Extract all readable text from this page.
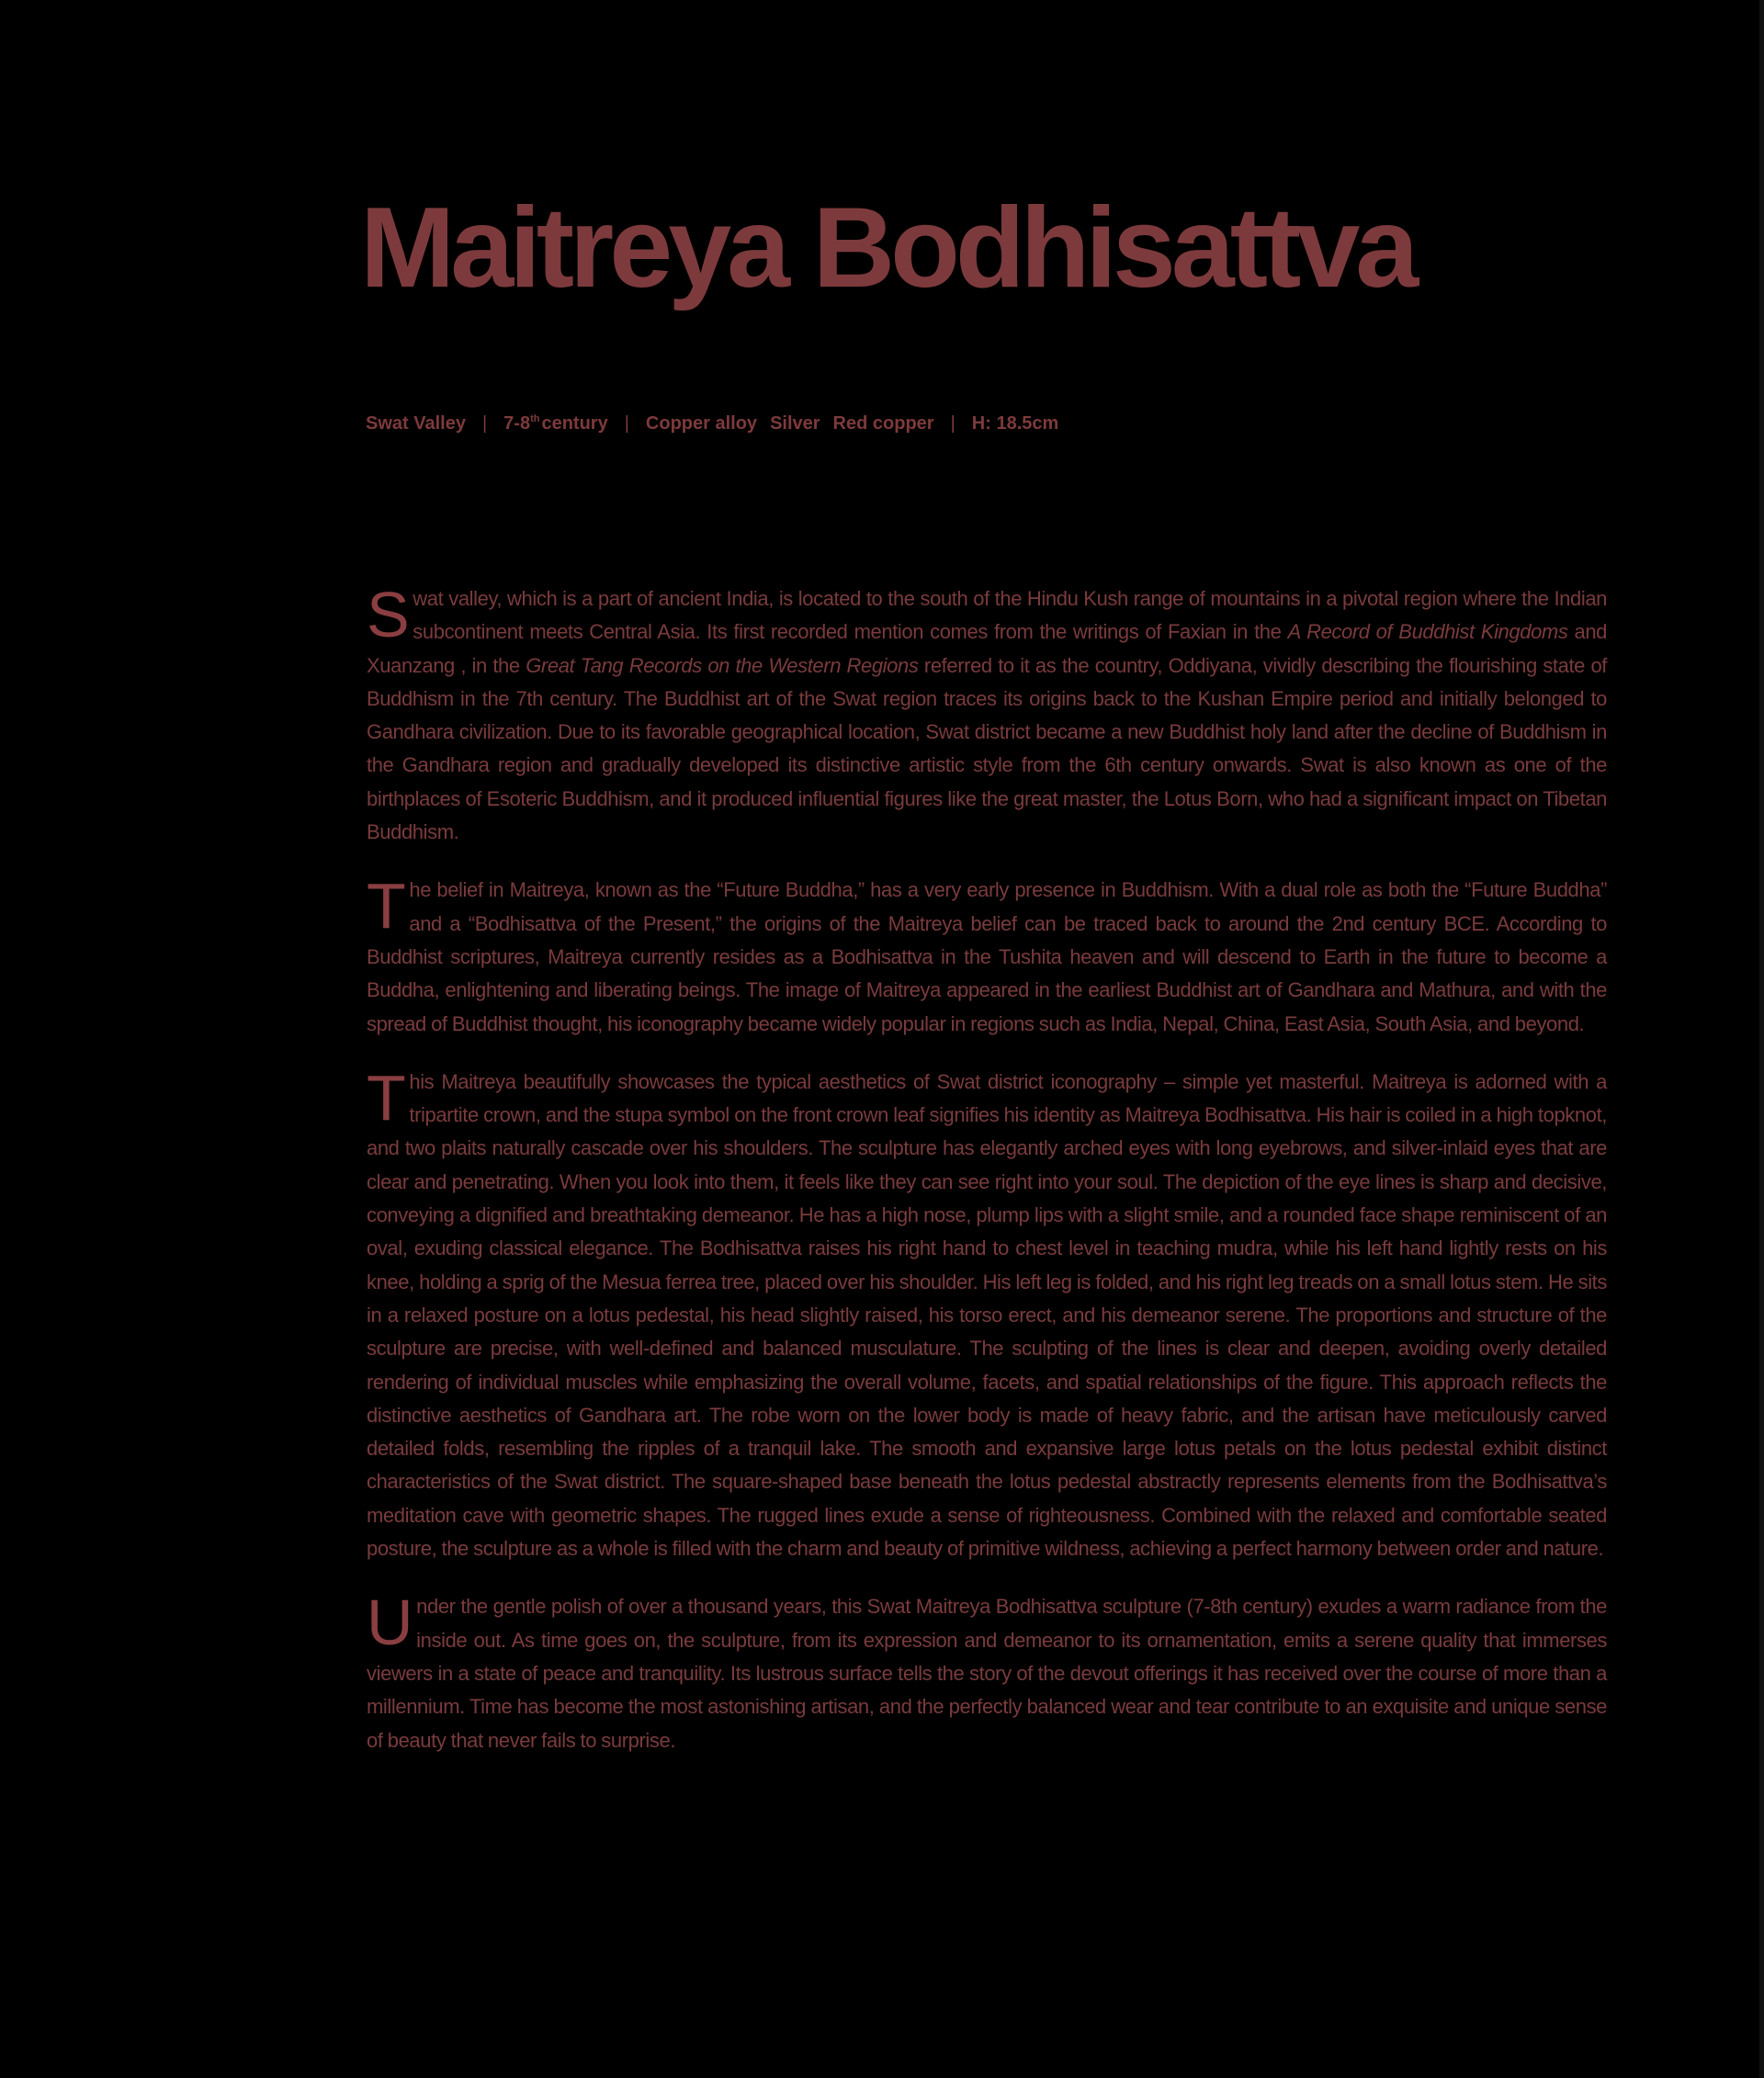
Maitreya Bodhisattva
Swat Valley | 7-8th century | Copper alloy Silver Red copper | H: 18.5cm

Swat valley, which is a part of ancient India, is located to the south of the Hindu Kush range of mountains in a pivotal region where the Indian subcontinent meets Central Asia. Its first recorded mention comes from the writings of Faxian in the A Record of Buddhist Kingdoms and Xuanzang , in the Great Tang Records on the Western Regions referred to it as the country, Oddiyana, vividly describing the flourishing state of Buddhism in the 7th century. The Buddhist art of the Swat region traces its origins back to the Kushan Empire period and initially belonged to Gandhara civilization. Due to its favorable geographical location, Swat district became a new Buddhist holy land after the decline of Buddhism in the Gandhara region and gradually developed its distinctive artistic style from the 6th century onwards. Swat is also known as one of the birthplaces of Esoteric Buddhism, and it produced influential figures like the great master, the Lotus Born, who had a significant impact on Tibetan Buddhism.

The belief in Maitreya, known as the “Future Buddha,” has a very early presence in Buddhism. With a dual role as both the “Future Buddha” and a “Bodhisattva of the Present,” the origins of the Maitreya belief can be traced back to around the 2nd century BCE. According to Buddhist scriptures, Maitreya currently resides as a Bodhisattva in the Tushita heaven and will descend to Earth in the future to become a Buddha, enlightening and liberating beings. The image of Maitreya appeared in the earliest Buddhist art of Gandhara and Mathura, and with the spread of Buddhist thought, his iconography became widely popular in regions such as India, Nepal, China, East Asia, South Asia, and beyond.

This Maitreya beautifully showcases the typical aesthetics of Swat district iconography – simple yet masterful. Maitreya is adorned with a tripartite crown, and the stupa symbol on the front crown leaf signifies his identity as Maitreya Bodhisattva. His hair is coiled in a high topknot, and two plaits naturally cascade over his shoulders. The sculpture has elegantly arched eyes with long eyebrows, and silver-inlaid eyes that are clear and penetrating. When you look into them, it feels like they can see right into your soul. The depiction of the eye lines is sharp and decisive, conveying a dignified and breathtaking demeanor. He has a high nose, plump lips with a slight smile, and a rounded face shape reminiscent of an oval, exuding classical elegance. The Bodhisattva raises his right hand to chest level in teaching mudra, while his left hand lightly rests on his knee, holding a sprig of the Mesua ferrea tree, placed over his shoulder. His left leg is folded, and his right leg treads on a small lotus stem. He sits in a relaxed posture on a lotus pedestal, his head slightly raised, his torso erect, and his demeanor serene. The proportions and structure of the sculpture are precise, with well-defined and balanced musculature. The sculpting of the lines is clear and deepen, avoiding overly detailed rendering of individual muscles while emphasizing the overall volume, facets, and spatial relationships of the figure. This approach reflects the distinctive aesthetics of Gandhara art. The robe worn on the lower body is made of heavy fabric, and the artisan have meticulously carved detailed folds, resembling the ripples of a tranquil lake. The smooth and expansive large lotus petals on the lotus pedestal exhibit distinct characteristics of the Swat district. The square-shaped base beneath the lotus pedestal abstractly represents elements from the Bodhisattva’s meditation cave with geometric shapes. The rugged lines exude a sense of righteousness. Combined with the relaxed and comfortable seated posture, the sculpture as a whole is filled with the charm and beauty of primitive wildness, achieving a perfect harmony between order and nature.

Under the gentle polish of over a thousand years, this Swat Maitreya Bodhisattva sculpture (7-8th century) exudes a warm radiance from the inside out. As time goes on, the sculpture, from its expression and demeanor to its ornamentation, emits a serene quality that immerses viewers in a state of peace and tranquility. Its lustrous surface tells the story of the devout offerings it has received over the course of more than a millennium. Time has become the most astonishing artisan, and the perfectly balanced wear and tear contribute to an exquisite and unique sense of beauty that never fails to surprise.
